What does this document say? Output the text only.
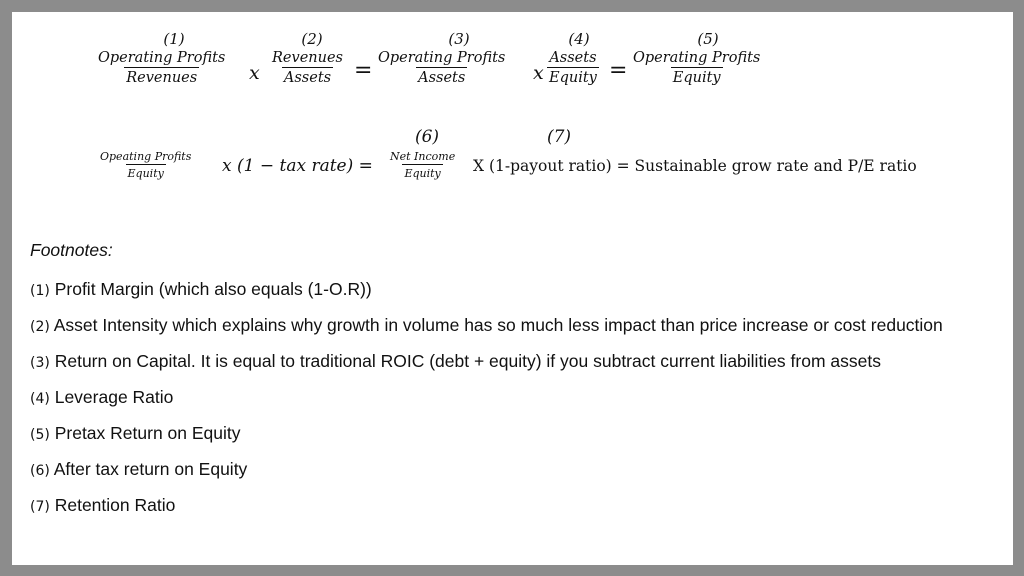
(1)	(2)	(3)	(4)	(5)
Operating Profits
Revenues	x
Revenues
Assets = Operating Profits
Assets	x
Assets
Equity = Operating Profits
Equity
(6)	(7)
Opeating Profits
Equity	x (1 − tax rate) = Net Income
Equity X (1-payout ratio) = Sustainable grow rate and P/E ratio
Footnotes:
(1) Profit Margin (which also equals (1-O.R))
(2) Asset Intensity which explains why growth in volume has so much less impact than price increase or cost reduction
(3) Return on Capital. It is equal to traditional ROIC (debt + equity) if you subtract current liabilities from assets
(4) Leverage Ratio
(5) Pretax Return on Equity
(6) After tax return on Equity
(7) Retention Ratio
